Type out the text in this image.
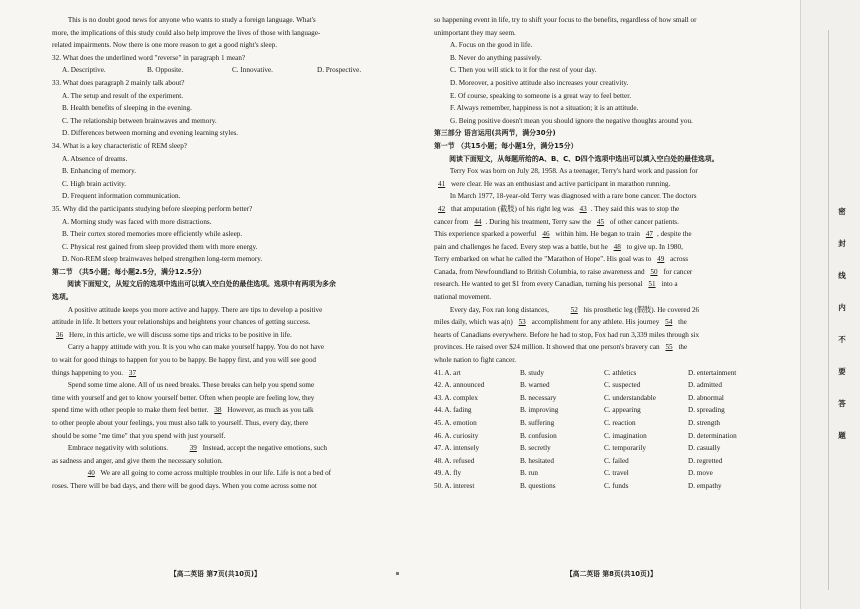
This is no doubt good news for anyone who wants to study a foreign language. What's

more, the implications of this study could also help improve the lives of those with language-

related impairments. Now there is one more reason to get a good night's sleep.

32. What does the underlined word "reverse" in paragraph 1 mean?

A. Descriptive.	B. Opposite.	C. Innovative.	D. Prospective.

33. What does paragraph 2 mainly talk about?

A. The setup and result of the experiment.

B. Health benefits of sleeping in the evening.

C. The relationship between brainwaves and memory.

D. Differences between morning and evening learning styles.

34. What is a key characteristic of REM sleep?

A. Absence of dreams.

B. Enhancing of memory.

C. High brain activity.

D. Frequent information communication.

35. Why did the participants studying before sleeping perform better?

A. Morning study was faced with more distractions.

B. Their cortex stored memories more efficiently while asleep.

C. Physical rest gained from sleep provided them with more energy.

D. Non-REM sleep brainwaves helped strengthen long-term memory.

第二节 （共5小题；每小题2.5分，满分12.5分）

阅读下面短文，从短文后的选项中选出可以填入空白处的最佳选项。选项中有两项为多余

选项。

A positive attitude keeps you more active and happy. There are tips to develop a positive

attitude in life. It betters your relationships and heightens your chances of getting success.

36 Here, in this article, we will discuss some tips and tricks to be positive in life.

Carry a happy attitude with you. It is you who can make yourself happy. You do not have

to wait for good things to happen for you to be happy. Be happy first, and you will see good

things happening to you. 37

Spend some time alone. All of us need breaks. These breaks can help you spend some

time with yourself and get to know yourself better. Often when people are feeling low, they

spend time with other people to make them feel better. 38 However, as much as you talk

to other people about your feelings, you must also talk to yourself. Thus, every day, there

should be some "me time" that you spend with just yourself.

Embrace negativity with solutions.	39 Instead, accept the negative emotions, such

as sadness and anger, and give them the necessary solution.

40 We are all going to come across multiple troubles in our life. Life is not a bed of

roses. There will be bad days, and there will be good days. When you come across some not

so happening event in life, try to shift your focus to the benefits, regardless of how small or

unimportant they may seem.

A. Focus on the good in life.

B. Never do anything passively.

C. Then you will stick to it for the rest of your day.

D. Moreover, a positive attitude also increases your creativity.

E. Of course, speaking to someone is a great way to feel better.

F. Always remember, happiness is not a situation; it is an attitude.

G. Being positive doesn't mean you should ignore the negative thoughts around you.

第三部分 语言运用(共两节，满分30分)

第一节 （共15小题；每小题1分，满分15分）

阅读下面短文，从每题所给的A、B、C、D四个选项中选出可以填入空白处的最佳选项。

Terry Fox was born on July 28, 1958. As a teenager, Terry's hard work and passion for

41 were clear. He was an enthusiast and active participant in marathon running.

In March 1977, 18-year-old Terry was diagnosed with a rare bone cancer. The doctors

42 that amputation (截肢) of his right leg was 43 . They said this was to stop the

cancer from 44 . During his treatment, Terry saw the 45 of other cancer patients.

This experience sparked a powerful 46 within him. He began to train 47 , despite the

pain and challenges he faced. Every step was a battle, but he 48 to give up. In 1980,

Terry embarked on what he called the "Marathon of Hope". His goal was to 49 across

Canada, from Newfoundland to British Columbia, to raise awareness and 50 for cancer

research. He wanted to get $1 from every Canadian, turning his personal 51 into a

national movement.

Every day, Fox ran long distances,	52 his prosthetic leg (假肢). He covered 26

miles daily, which was a(n) 53 accomplishment for any athlete. His journey 54 the

hearts of Canadians everywhere. Before he had to stop, Fox had run 3,339 miles through six

provinces. He raised over $24 million. It showed that one person's bravery can 55 the

whole nation to fight cancer.

41. A. art	B. study	C. athletics	D. entertainment
42. A. announced	B. warned	C. suspected	D. admitted
43. A. complex	B. necessary	C. understandable	D. abnormal
44. A. fading	B. improving	C. appearing	D. spreading
45. A. emotion	B. suffering	C. reaction	D. strength
46. A. curiosity	B. confusion	C. imagination	D. determination
47. A. intensely	B. secretly	C. temporarily	D. casually
48. A. refused	B. hesitated	C. failed	D. regretted
49. A. fly	B. run	C. travel	D. move
50. A. interest	B. questions	C. funds	D. empathy
【高二英语 第7页(共10页)】	【高二英语 第8页(共10页)】
密
封
线
内
不
要
答
题
